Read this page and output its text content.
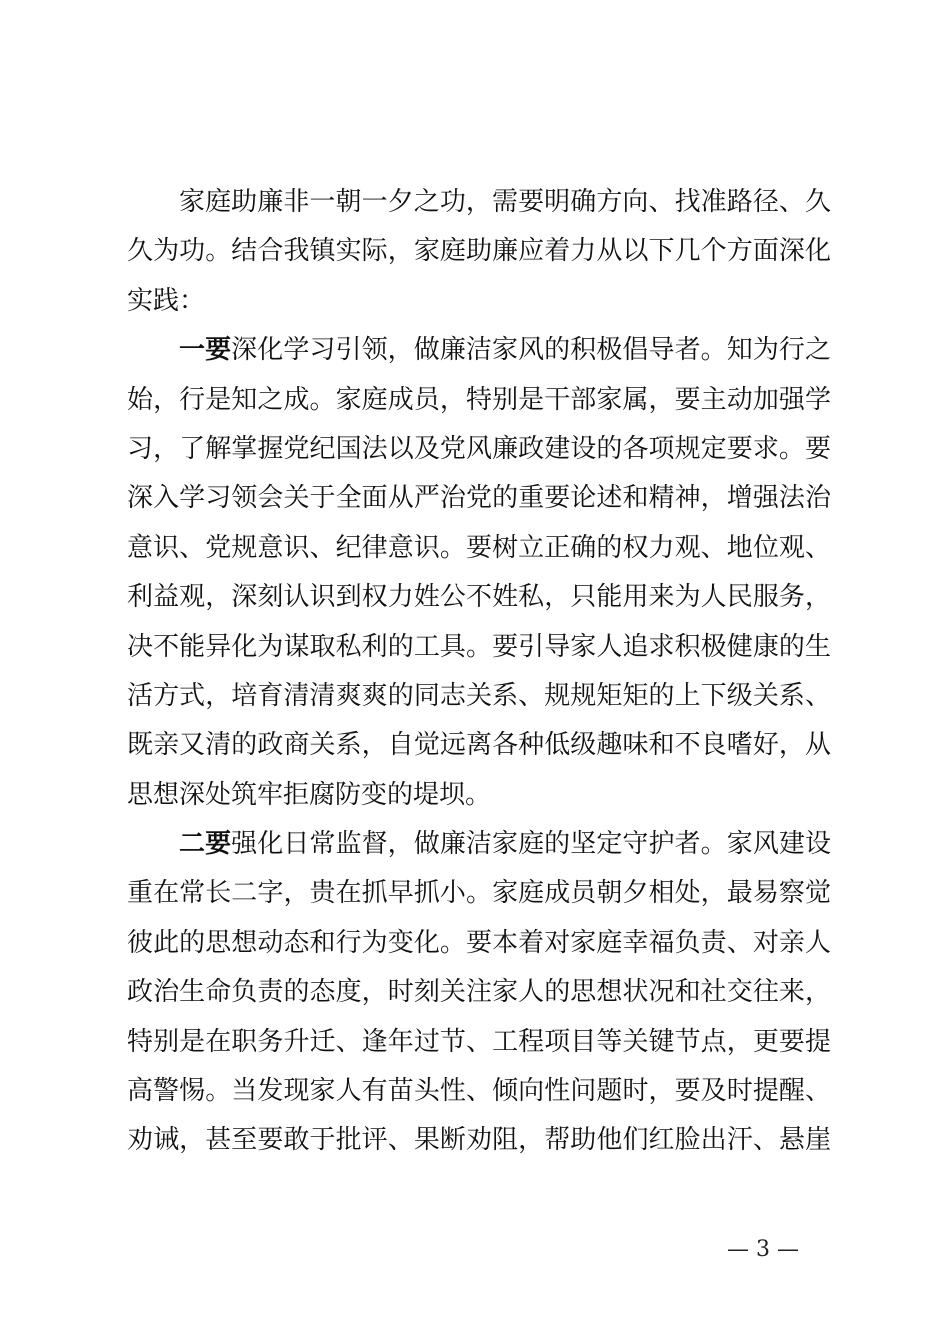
家庭助廉非一朝一夕之功，需要明确方向、找准路径、久
久为功。结合我镇实际，家庭助廉应着力从以下几个方面深化
实践：
一要深化学习引领，做廉洁家风的积极倡导者。知为行之
始，行是知之成。家庭成员，特别是干部家属，要主动加强学
习，了解掌握党纪国法以及党风廉政建设的各项规定要求。要
深入学习领会关于全面从严治党的重要论述和精神，增强法治
意识、党规意识、纪律意识。要树立正确的权力观、地位观、
利益观，深刻认识到权力姓公不姓私，只能用来为人民服务，
决不能异化为谋取私利的工具。要引导家人追求积极健康的生
活方式，培育清清爽爽的同志关系、规规矩矩的上下级关系、
既亲又清的政商关系，自觉远离各种低级趣味和不良嗜好，从
思想深处筑牢拒腐防变的堤坝。
二要强化日常监督，做廉洁家庭的坚定守护者。家风建设
重在常长二字，贵在抓早抓小。家庭成员朝夕相处，最易察觉
彼此的思想动态和行为变化。要本着对家庭幸福负责、对亲人
政治生命负责的态度，时刻关注家人的思想状况和社交往来，
特别是在职务升迁、逢年过节、工程项目等关键节点，更要提
高警惕。当发现家人有苗头性、倾向性问题时，要及时提醒、
劝诫，甚至要敢于批评、果断劝阻，帮助他们红脸出汗、悬崖
— 3 —
